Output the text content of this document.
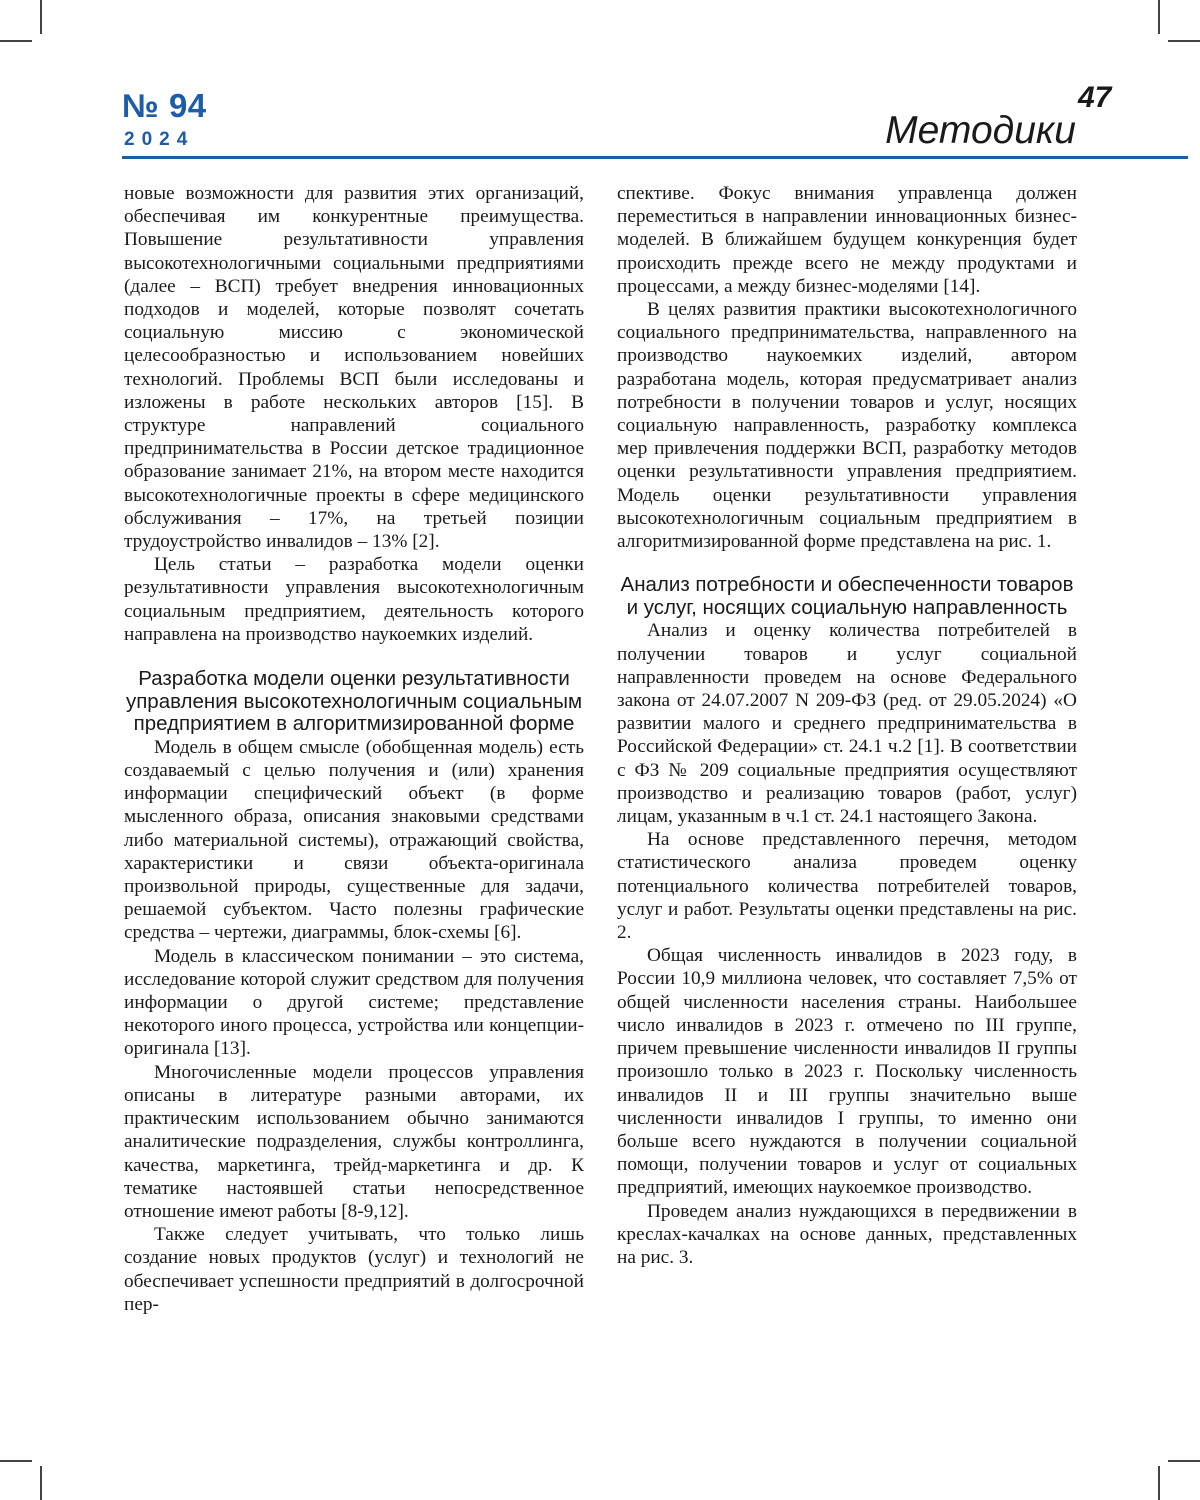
№ 94
2024
47
Методики

новые возможности для развития этих организаций, обеспечивая им конкурентные преимущества. Повышение результативности управления высокотехнологичными социальными предприятиями (далее – ВСП) требует внедрения инновационных подходов и моделей, которые позволят сочетать социальную миссию с экономической целесообразностью и использованием новейших технологий. Проблемы ВСП были исследованы и изложены в работе нескольких авторов [15]. В структуре направлений социального предпринимательства в России детское традиционное образование занимает 21%, на втором месте находится высокотехнологичные проекты в сфере медицинского обслуживания – 17%, на третьей позиции трудоустройство инвалидов – 13% [2].

Цель статьи – разработка модели оценки результативности управления высокотехнологичным социальным предприятием, деятельность которого направлена на производство наукоемких изделий.

Разработка модели оценки результативности управления высокотехнологичным социальным предприятием в алгоритмизированной форме

Модель в общем смысле (обобщенная модель) есть создаваемый с целью получения и (или) хранения информации специфический объект (в форме мысленного образа, описания знаковыми средствами либо материальной системы), отражающий свойства, характеристики и связи объекта-оригинала произвольной природы, существенные для задачи, решаемой субъектом. Часто полезны графические средства – чертежи, диаграммы, блок-схемы [6].

Модель в классическом понимании – это система, исследование которой служит средством для получения информации о другой системе; представление некоторого иного процесса, устройства или концепции-оригинала [13].

Многочисленные модели процессов управления описаны в литературе разными авторами, их практическим использованием обычно занимаются аналитические подразделения, службы контроллинга, качества, маркетинга, трейд-маркетинга и др. К тематике настоявшей статьи непосредственное отношение имеют работы [8-9,12].

Также следует учитывать, что только лишь создание новых продуктов (услуг) и технологий не обеспечивает успешности предприятий в долгосрочной пер-

спективе. Фокус внимания управленца должен переместиться в направлении инновационных бизнес-моделей. В ближайшем будущем конкуренция будет происходить прежде всего не между продуктами и процессами, а между бизнес-моделями [14].

В целях развития практики высокотехнологичного социального предпринимательства, направленного на производство наукоемких изделий, автором разработана модель, которая предусматривает анализ потребности в получении товаров и услуг, носящих социальную направленность, разработку комплекса мер привлечения поддержки ВСП, разработку методов оценки результативности управления предприятием. Модель оценки результативности управления высокотехнологичным социальным предприятием в алгоритмизированной форме представлена на рис. 1.

Анализ потребности и обеспеченности товаров и услуг, носящих социальную направленность

Анализ и оценку количества потребителей в получении товаров и услуг социальной направленности проведем на основе Федерального закона от 24.07.2007 N 209-ФЗ (ред. от 29.05.2024) «О развитии малого и среднего предпринимательства в Российской Федерации» ст. 24.1 ч.2 [1]. В соответствии с ФЗ № 209 социальные предприятия осуществляют производство и реализацию товаров (работ, услуг) лицам, указанным в ч.1 ст. 24.1 настоящего Закона.

На основе представленного перечня, методом статистического анализа проведем оценку потенциального количества потребителей товаров, услуг и работ. Результаты оценки представлены на рис. 2.

Общая численность инвалидов в 2023 году, в России 10,9 миллиона человек, что составляет 7,5% от общей численности населения страны. Наибольшее число инвалидов в 2023 г. отмечено по III группе, причем превышение численности инвалидов II группы произошло только в 2023 г. Поскольку численность инвалидов II и III группы значительно выше численности инвалидов I группы, то именно они больше всего нуждаются в получении социальной помощи, получении товаров и услуг от социальных предприятий, имеющих наукоемкое производство.

Проведем анализ нуждающихся в передвижении в креслах-качалках на основе данных, представленных на рис. 3.
